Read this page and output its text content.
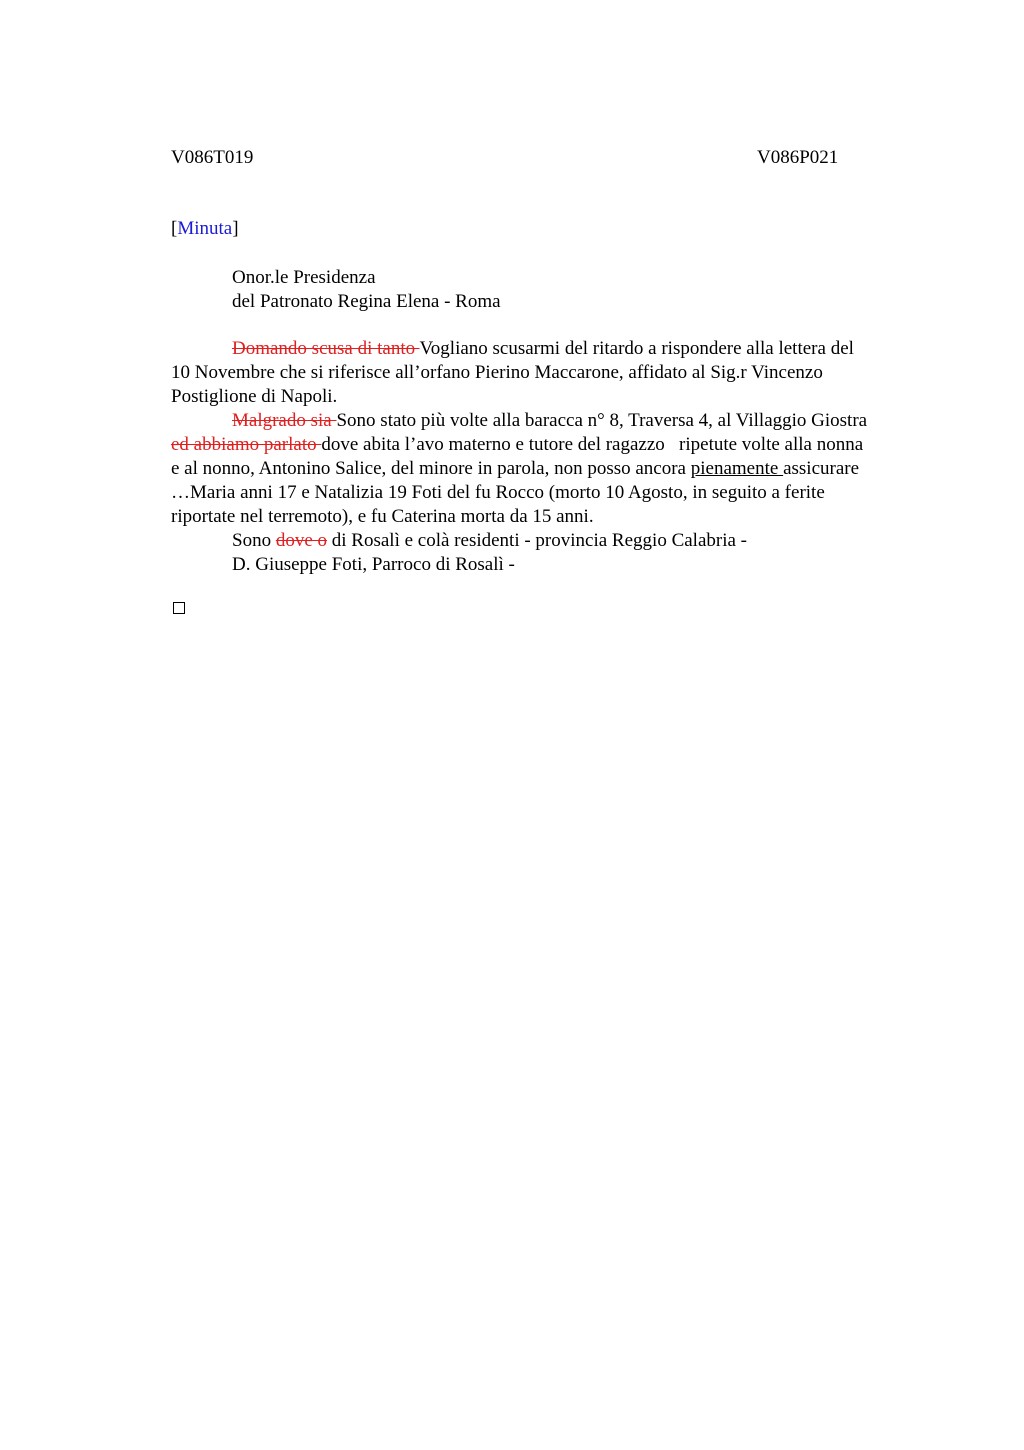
V086T019	V086P021
[Minuta]
Onor.le Presidenza
del Patronato Regina Elena - Roma
Domando scusa di tanto Vogliano scusarmi del ritardo a rispondere alla lettera del
10 Novembre che si riferisce all’orfano Pierino Maccarone, affidato al Sig.r Vincenzo
Postiglione di Napoli.
Malgrado sia Sono stato più volte alla baracca n° 8, Traversa 4, al Villaggio Giostra
ed abbiamo parlato dove abita l’avo materno e tutore del ragazzo   ripetute volte alla nonna
e al nonno, Antonino Salice, del minore in parola, non posso ancora pienamente assicurare
…Maria anni 17 e Natalizia 19 Foti del fu Rocco (morto 10 Agosto, in seguito a ferite
riportate nel terremoto), e fu Caterina morta da 15 anni.
Sono dove o di Rosalì e colà residenti - provincia Reggio Calabria -
D. Giuseppe Foti, Parroco di Rosalì -
